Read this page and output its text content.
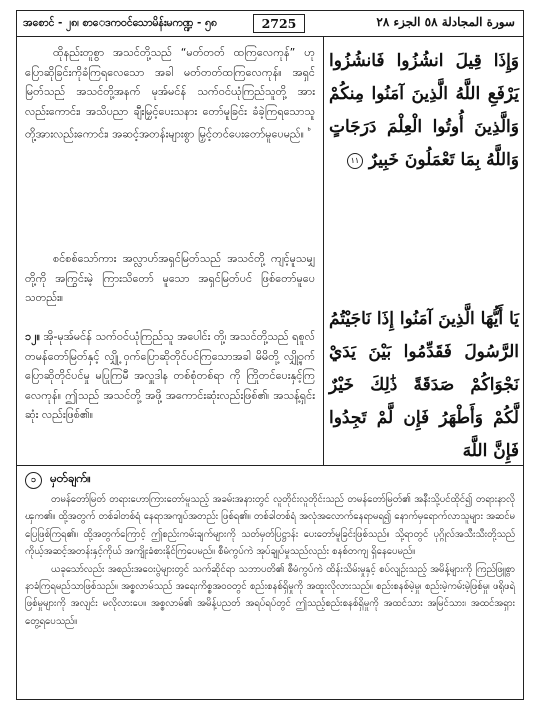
အစောင် - ၂၈၊ စာေဒကဝင်သောမိန်းမကဏ္ဍ - ၅၈	2725	سورة المجادلة ٥٨ الجزء ٢٨

ထိုနည်းတူစွာ အသင်တို့သည် “မတ်တတ် ထကြလေကုန်” ဟု ပြောဆိုခြင်းကိုခံကြရလေသော အခါ မတ်တတ်ထကြလေကုန်။ အရှင်မြတ်သည် အသင်တို့အနက် မုအ်မင်န် သက်ဝင်ယုံကြည်သူတို့ အားလည်းကောင်း၊ အသိပညာ ချီးမြှင့်ပေးသနား တော်မူခြင်း ခံခဲ့ကြရသောသူတို့အားလည်းကောင်း၊ အဆင့်အတန်းများစွာ မြှင့်တင်ပေးတော်မူပေမည်။ $^ᵇ$

စင်စစ်သော်ကား အလ္လာဟ်အရှင်မြတ်သည် အသင်တို့ ကျင့်မူသမျှတို့ကို အကြွင်းမဲ့ ကြားသိတော် မူသော အရှင်မြတ်ပင် ဖြစ်တော်မူပေသတည်း။

၁၂။ အို-မုအ်မင်န် သက်ဝင်ယုံကြည်သူ အပေါင်း တို့၊ အသင်တို့သည် ရစူလ်တမန်တော်မြတ်နှင့် လျှို့ ဝှက်ပြောဆိုတိုင်ပင်ကြသောအခါ မိမိတို့ လျှို့ဝှက် ပြောဆိုတိုင်ပင်မှု မပြုကြမီ အလှူဒါန တစ်စုံတစ်ရာ ကို ကြိုတင်ပေးနှင့်ကြလေကုန်။ ဤသည် အသင်တို့ အဖို့ အကောင်းဆုံးလည်းဖြစ်၏၊ အသန့်ရှင်းဆုံး လည်းဖြစ်၏။

وَإِذَا قِيلَ انشُزُوا فَانشُزُوا يَرْفَعِ اللَّهُ الَّذِينَ آمَنُوا مِنكُمْ وَالَّذِينَ أُوتُوا الْعِلْمَ دَرَجَاتٍ وَاللَّهُ بِمَا تَعْمَلُونَ خَبِيرٌ ١١
يَا أَيُّهَا الَّذِينَ آمَنُوا إِذَا نَاجَيْتُمُ الرَّسُولَ فَقَدِّمُوا بَيْنَ يَدَيْ نَجْوَاكُمْ صَدَقَةً ذَٰلِكَ خَيْرٌ لَّكُمْ وَأَطْهَرُ فَإِن لَّمْ تَجِدُوا فَإِنَّ اللَّهَ
၁ မှတ်ချက်။

တမန်တော်မြတ် တရားဟောကြားတော်မူသည့် အခမ်းအနားတွင် လူတိုင်းလူတိုင်းသည် တမန်တော်မြတ်၏ အနီးသို့ပင်ထိုင်၍ တရားနာလိုၾက၏။ ထို့အတွက် တစ်ခါတစ်ရံ နေရာအကျပ်အတည်း ဖြစ်ရ၏။ တစ်ခါတစ်ရံ အလုံအလောက်နေရာမရ၍ နောက်မှရောက်လာသူများ အဆင်မပြေဖြစ်ကြရ၏။ ထို့အတွက်ကြောင့် ဤစည်းကမ်းချက်များကို သတ်မှတ်ပြဋ္ဌာန်း ပေးတော်မူခြင်းဖြစ်သည်။ သို့ရာတွင် ပုဂ္ဂိုလ်အသီးသီးတို့သည် ကိုယ့်အဆင့်အတန်းနှင့်ကိုယ် အကျိုးခံစားနိုင်ကြပေမည်။ စီမံကွပ်ကဲ အုပ်ချုပ်မှုသည်လည်း စနစ်တကျ ရှိနေပေမည်။

ယခုသော်လည်း အစည်းအဝေးပွဲများတွင် သက်ဆိုင်ရာ သဘာပတိ၏ စီမံကွပ်ကဲ ထိန်းသိမ်းမှုနှင့် စပ်လျဉ်းသည့် အမိန့်များကို ကြည်ဖြူစွာ နာခံကြရမည်သာဖြစ်သည်။ အစ္စလာမ်သည် အရေးကိစ္စအဝဝတွင် စည်းစနစ်ရှိမှုကို အထူးလိုလားသည်။ စည်းစနစ်မဲ့မှု၊ စည်းမဲ့ကမ်းမဲ့ဖြစ်မှု၊ ဖရိုဖရဲဖြစ်မှုများကို အလျင်း မလိုလားပေ။ အစ္စလာမ်၏ အမိန့်ပညတ် အရပ်ရပ်တွင် ဤသည့်စည်းစနစ်ရှိမှုကို အထင်သား အမြင်သား၊ အထင်အရှား တွေ့ရပေသည်။
